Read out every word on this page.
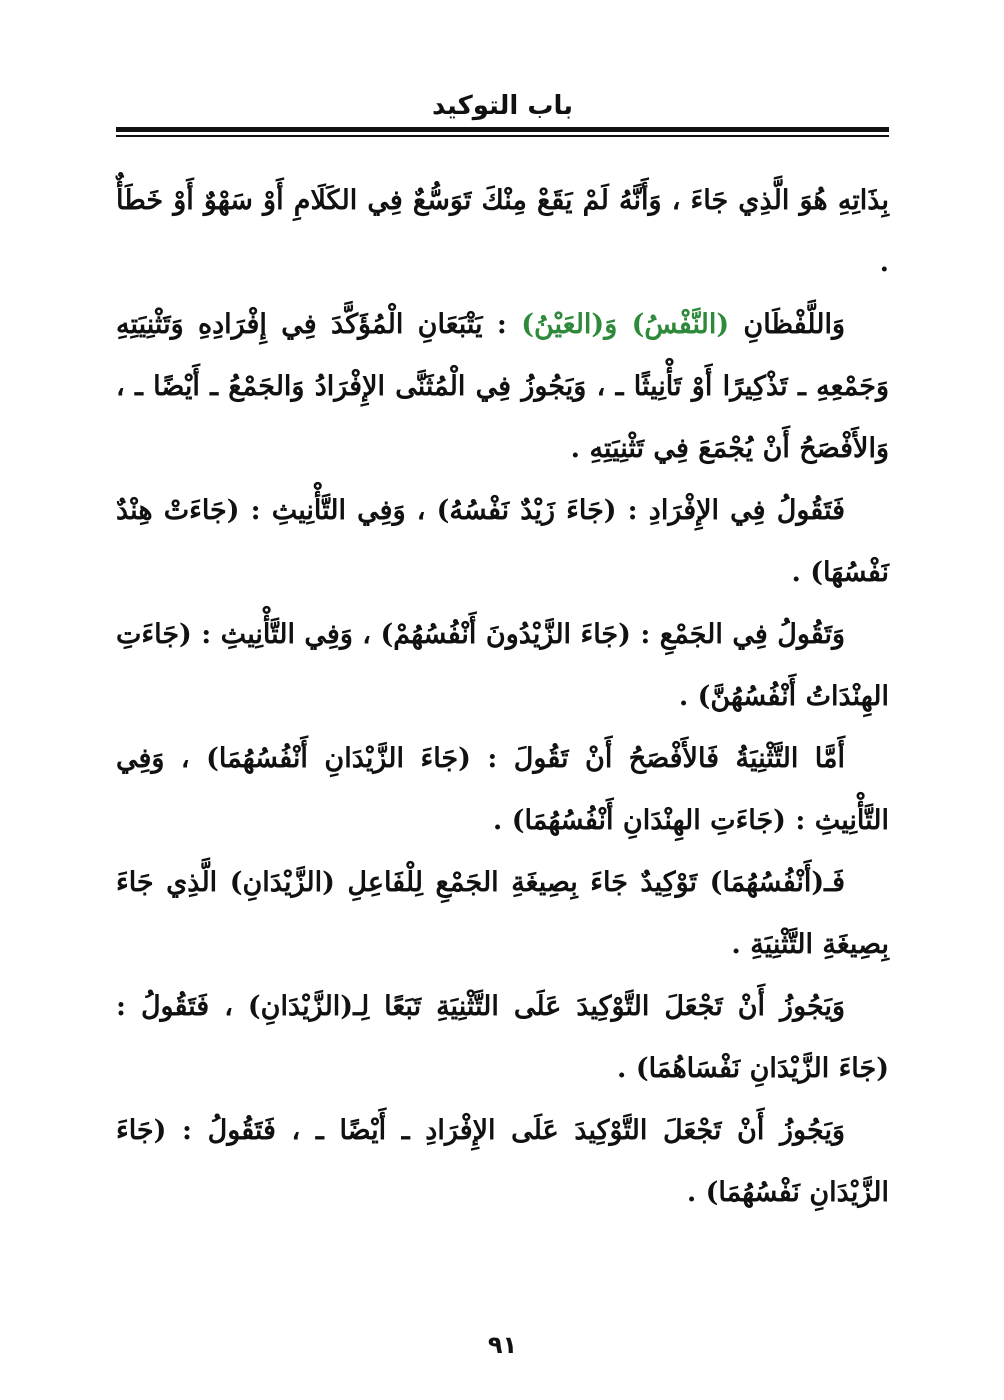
باب التوكيد

بِذَاتِهِ هُوَ الَّذِي جَاءَ ، وَأَنَّهُ لَمْ يَقَعْ مِنْكَ تَوَسُّعٌ فِي الكَلَامِ أَوْ سَهْوٌ أَوْ خَطَأٌ .

وَاللَّفْظَانِ (النَّفْسُ) وَ(العَيْنُ) : يَتْبَعَانِ الْمُؤَكَّدَ فِي إِفْرَادِهِ وَتَثْنِيَتِهِ وَجَمْعِهِ ـ تَذْكِيرًا أَوْ تَأْنِيثًا ـ ، وَيَجُوزُ فِي الْمُثَنَّى الإِفْرَادُ وَالجَمْعُ ـ أَيْضًا ـ ، وَالأَفْصَحُ أَنْ يُجْمَعَ فِي تَثْنِيَتِهِ .

فَتَقُولُ فِي الإِفْرَادِ : (جَاءَ زَيْدٌ نَفْسُهُ) ، وَفِي التَّأْنِيثِ : (جَاءَتْ هِنْدٌ نَفْسُهَا) .

وَتَقُولُ فِي الجَمْعِ : (جَاءَ الزَّيْدُونَ أَنْفُسُهُمْ) ، وَفِي التَّأْنِيثِ : (جَاءَتِ الهِنْدَاتُ أَنْفُسُهُنَّ) .

أَمَّا التَّثْنِيَةُ فَالأَفْصَحُ أَنْ تَقُولَ : (جَاءَ الزَّيْدَانِ أَنْفُسُهُمَا) ، وَفِي التَّأْنِيثِ : (جَاءَتِ الهِنْدَانِ أَنْفُسُهُمَا) .

فَـ(أَنْفُسُهُمَا) تَوْكِيدٌ جَاءَ بِصِيغَةِ الجَمْعِ لِلْفَاعِلِ (الزَّيْدَانِ) الَّذِي جَاءَ بِصِيغَةِ التَّثْنِيَةِ .

وَيَجُوزُ أَنْ تَجْعَلَ التَّوْكِيدَ عَلَى التَّثْنِيَةِ تَبَعًا لِـ(الزَّيْدَانِ) ، فَتَقُولُ : (جَاءَ الزَّيْدَانِ نَفْسَاهُمَا) .

وَيَجُوزُ أَنْ تَجْعَلَ التَّوْكِيدَ عَلَى الإِفْرَادِ ـ أَيْضًا ـ ، فَتَقُولُ : (جَاءَ الزَّيْدَانِ نَفْسُهُمَا) .

٩١
